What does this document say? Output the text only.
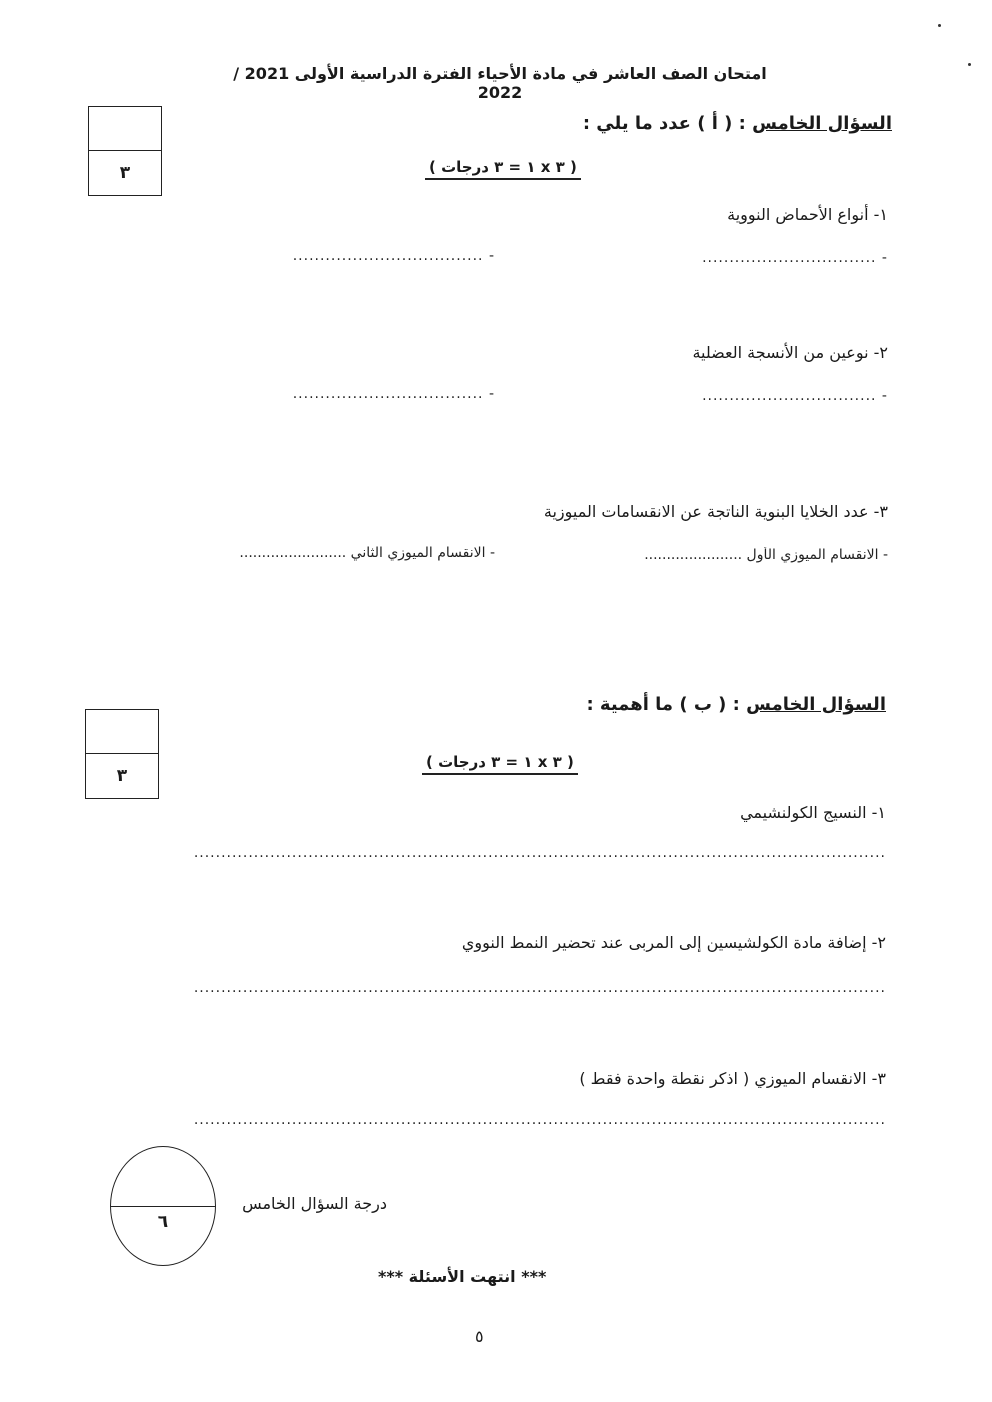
امتحان الصف العاشر في مادة الأحياء الفترة الدراسية الأولى 2021 / 2022
٣
السؤال الخامس : ( أ ) عدد ما يلي :
( ٣ x ١ = ٣ درجات )
١- أنواع الأحماض النووية
- ................................
- ...................................
٢- نوعين من الأنسجة العضلية
- ................................
- ...................................
٣- عدد الخلايا البنوية الناتجة عن الانقسامات الميوزية
- الانقسام الميوزي الأول ......................
- الانقسام الميوزي الثاني ........................
٣
السؤال الخامس : ( ب ) ما أهمية :
( ٣ x ١ = ٣ درجات )
١- النسيج الكولنشيمي
...............................................................................................................................
٢- إضافة مادة الكولشيسين إلى المربى عند تحضير النمط النووي
...............................................................................................................................
٣- الانقسام الميوزي ( اذكر نقطة واحدة فقط )
...............................................................................................................................
درجة السؤال الخامس
٦
*** انتهت الأسئلة ***
٥
